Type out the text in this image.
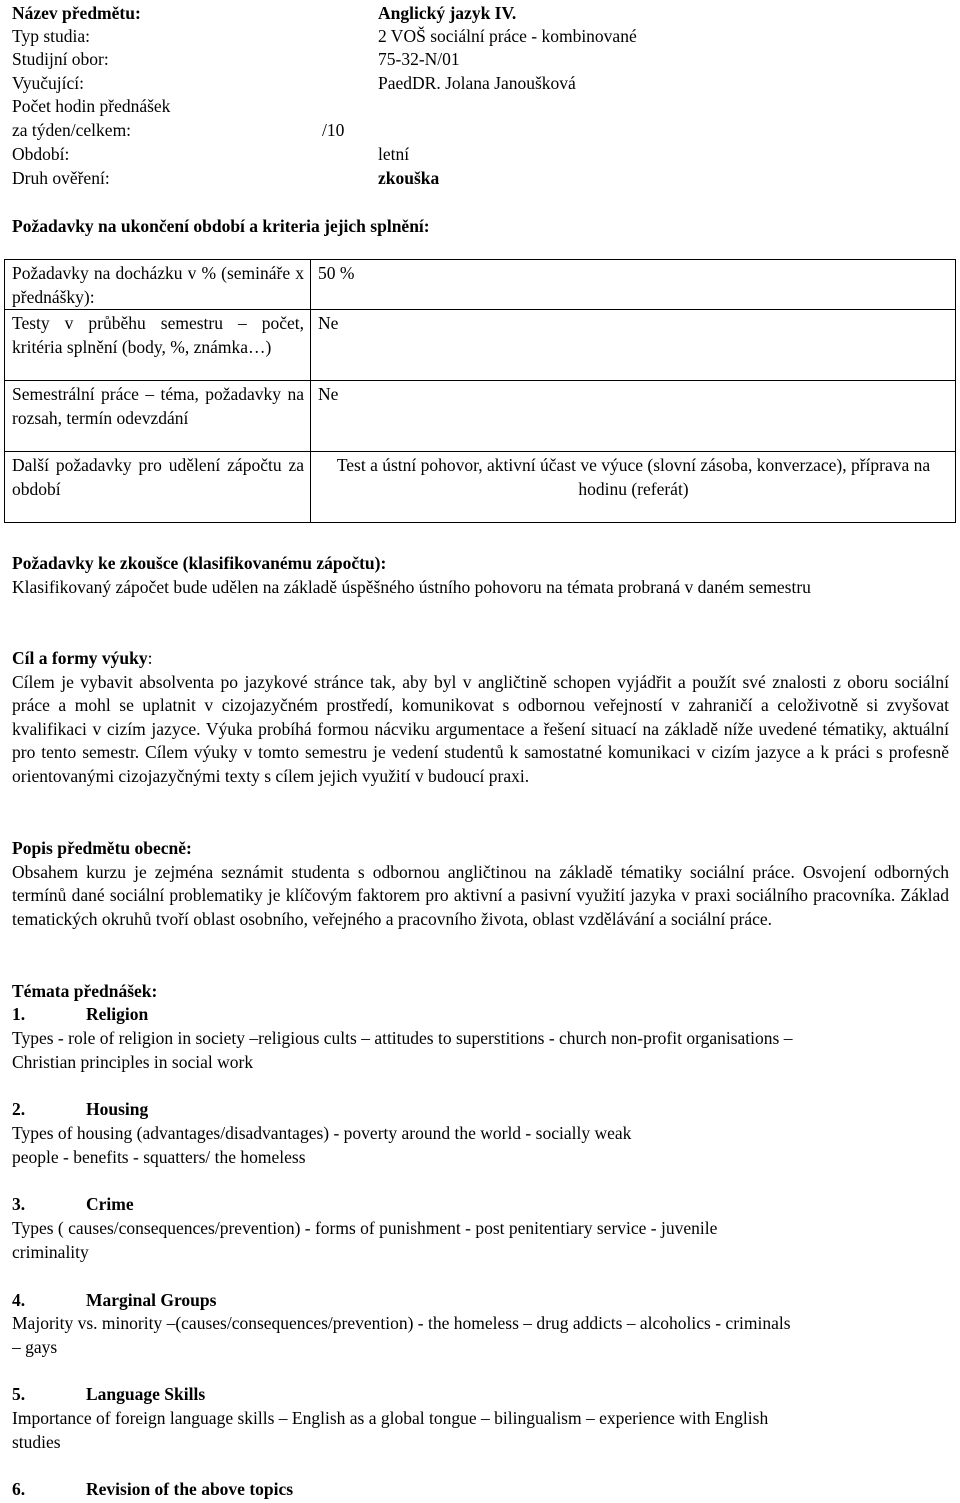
Název předmětu:	Anglický jazyk IV.
Typ studia:	2 VOŠ sociální práce - kombinované
Studijní obor:	75-32-N/01
Vyučující:	PaedDR. Jolana Janoušková
Počet hodin přednášek
za týden/celkem:	/10
Období:	letní
Druh ověření:	zkouška
Požadavky na ukončení období a kriteria jejich splnění:
Požadavky na docházku v % (semináře x přednášky):	50 %
Testy v průběhu semestru – počet, kritéria splnění (body, %, známka…)	Ne
Semestrální práce – téma, požadavky na rozsah, termín odevzdání	Ne
Další požadavky pro udělení zápočtu za období	Test a ústní pohovor, aktivní účast ve výuce (slovní zásoba, konverzace), příprava na hodinu (referát)
Požadavky ke zkoušce (klasifikovanému zápočtu):
Klasifikovaný zápočet bude udělen na základě úspěšného ústního pohovoru na témata probraná v daném semestru
Cíl a formy výuky:
Cílem je vybavit absolventa po jazykové stránce tak, aby byl v angličtině schopen vyjádřit a použít své znalosti z oboru sociální práce a mohl se uplatnit v cizojazyčném prostředí, komunikovat s odbornou veřejností v zahraničí a celoživotně si zvyšovat kvalifikaci v cizím jazyce. Výuka probíhá formou nácviku argumentace a řešení situací na základě níže uvedené tématiky, aktuální pro tento semestr. Cílem výuky v tomto semestru je vedení studentů k samostatné komunikaci v cizím jazyce a k práci s profesně orientovanými cizojazyčnými texty s cílem jejich využití v budoucí praxi.
Popis předmětu obecně:
Obsahem kurzu je zejména seznámit studenta s odbornou angličtinou na základě tématiky sociální práce. Osvojení odborných termínů dané sociální problematiky je klíčovým faktorem pro aktivní a pasivní využití jazyka v praxi sociálního pracovníka. Základ tematických okruhů tvoří oblast osobního, veřejného a pracovního života, oblast vzdělávání a sociální práce.
Témata přednášek:
1.	Religion
Types - role of religion in society –religious cults – attitudes to superstitions - church non-profit organisations –
Christian principles in social work
2.	Housing
Types of housing (advantages/disadvantages) - poverty around the world - socially weak
people - benefits - squatters/ the homeless
3.	Crime
Types ( causes/consequences/prevention) - forms of punishment - post penitentiary service - juvenile
criminality
4.	Marginal Groups
Majority vs. minority –(causes/consequences/prevention) - the homeless – drug addicts – alcoholics - criminals
– gays
5.	Language Skills
Importance of foreign language skills – English as a global tongue – bilingualism – experience with English
studies
6.	Revision of the above topics
